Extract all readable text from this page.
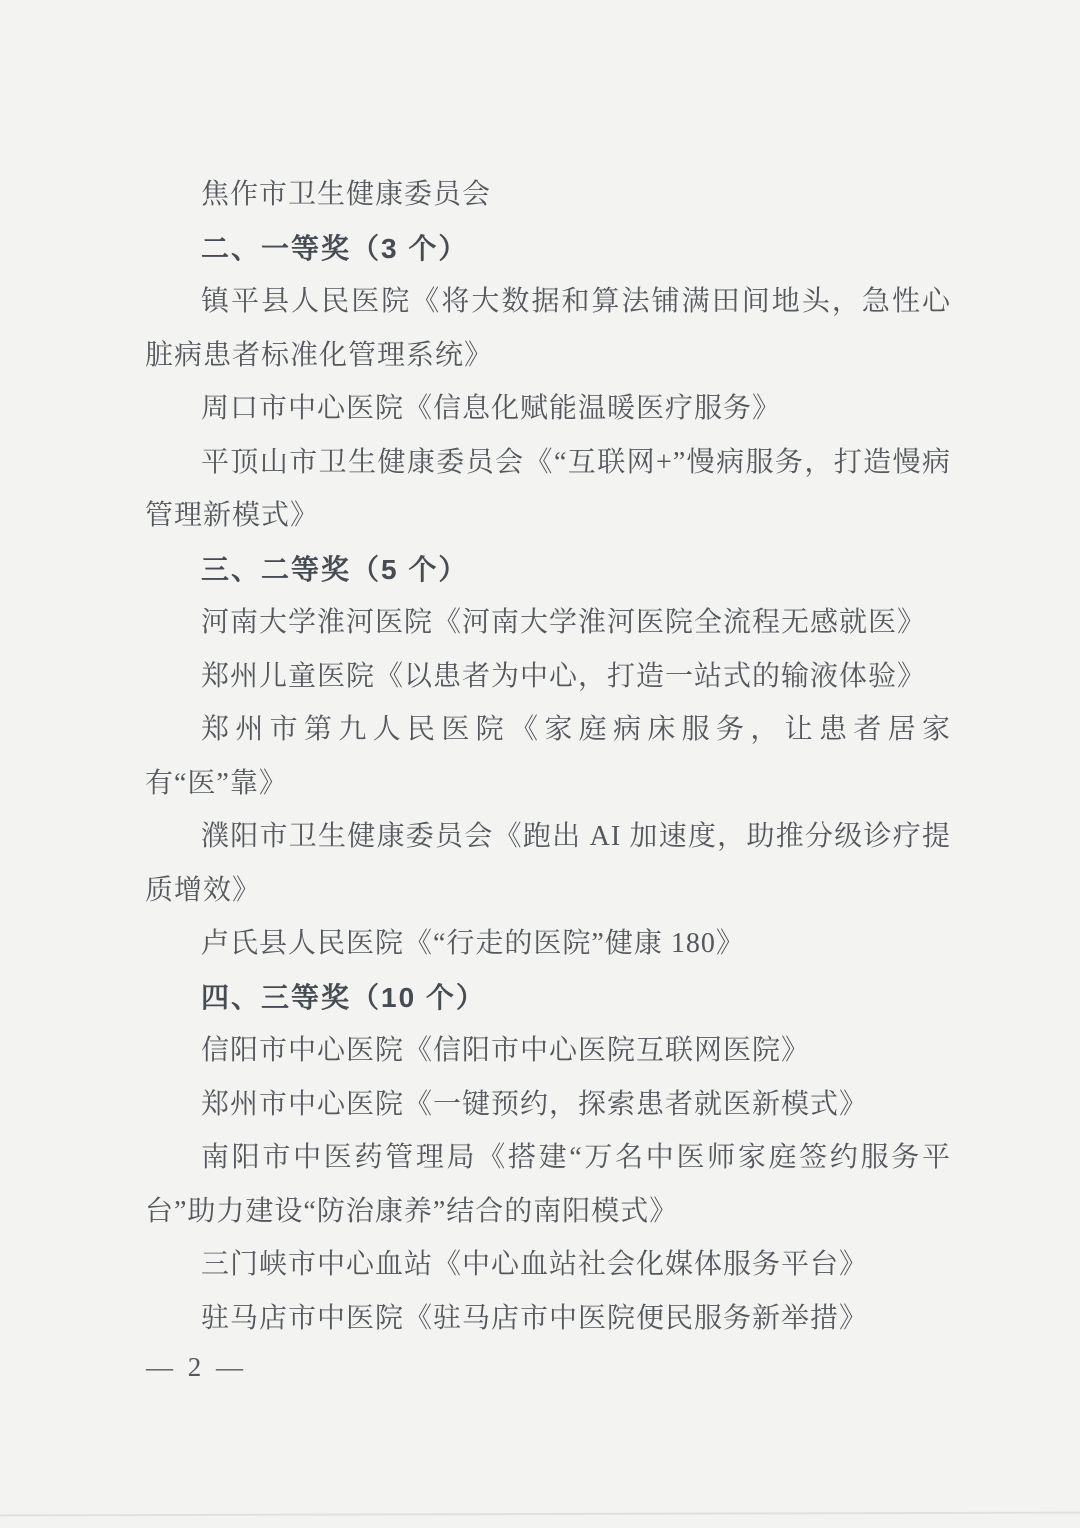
焦作市卫生健康委员会

二、一等奖（3 个）

镇平县人民医院《将大数据和算法铺满田间地头，急性心脏病患者标准化管理系统》

周口市中心医院《信息化赋能温暖医疗服务》

平顶山市卫生健康委员会《“互联网+”慢病服务，打造慢病管理新模式》

三、二等奖（5 个）

河南大学淮河医院《河南大学淮河医院全流程无感就医》

郑州儿童医院《以患者为中心，打造一站式的输液体验》

郑州市第九人民医院《家庭病床服务，让患者居家有“医”靠》

濮阳市卫生健康委员会《跑出 AI 加速度，助推分级诊疗提质增效》

卢氏县人民医院《“行走的医院”健康 180》

四、三等奖（10 个）

信阳市中心医院《信阳市中心医院互联网医院》

郑州市中心医院《一键预约，探索患者就医新模式》

南阳市中医药管理局《搭建“万名中医师家庭签约服务平台”助力建设“防治康养”结合的南阳模式》

三门峡市中心血站《中心血站社会化媒体服务平台》

驻马店市中医院《驻马店市中医院便民服务新举措》

— 2 —
